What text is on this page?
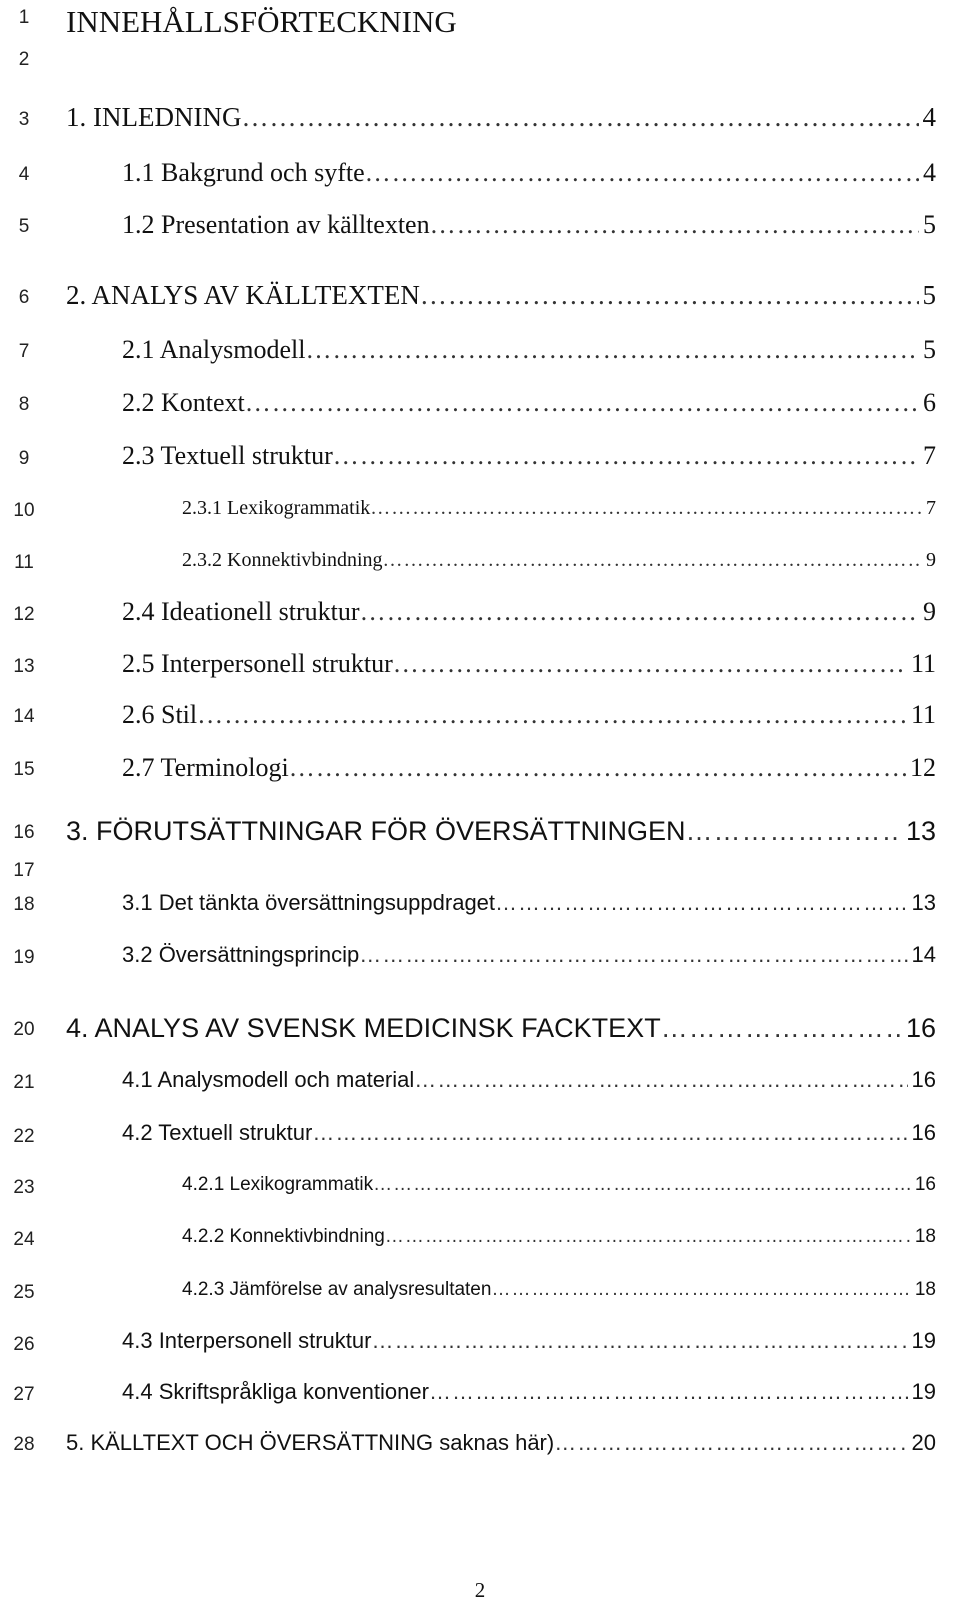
1
2
3
4
5
6
7
8
9
10
11
12
13
14
15
16
17
18
19
20
21
22
23
24
25
26
27
28
INNEHÅLLSFÖRTECKNING
1. INLEDNING ………………………………………………………………………………………………………………………………………	4
1.1 Bakgrund och syfte ………………………………………………………………………………………………………………………………………	4
1.2 Presentation av källtexten ………………………………………………………………………………………………………………………………………	5
2. ANALYS AV KÄLLTEXTEN ………………………………………………………………………………………………………………………………………	5
2.1 Analysmodell ………………………………………………………………………………………………………………………………………	5
2.2 Kontext ………………………………………………………………………………………………………………………………………	6
2.3 Textuell struktur ………………………………………………………………………………………………………………………………………	7
2.3.1 Lexikogrammatik ………………………………………………………………………………………………………………………………………	7
2.3.2 Konnektivbindning ………………………………………………………………………………………………………………………………………	9
2.4 Ideationell struktur ………………………………………………………………………………………………………………………………………	9
2.5 Interpersonell struktur ………………………………………………………………………………………………………………………………………	11
2.6 Stil ………………………………………………………………………………………………………………………………………	11
2.7 Terminologi ………………………………………………………………………………………………………………………………………	12
3. FÖRUTSÄTTNINGAR FÖR ÖVERSÄTTNINGEN ………………………………………………………………………………………………………………………………………	13
3.1 Det tänkta översättningsuppdraget ………………………………………………………………………………………………………………………………………	13
3.2 Översättningsprincip ………………………………………………………………………………………………………………………………………	14
4. ANALYS AV SVENSK MEDICINSK FACKTEXT ………………………………………………………………………………………………………………………………………	16
4.1 Analysmodell och material ………………………………………………………………………………………………………………………………………	16
4.2 Textuell struktur ………………………………………………………………………………………………………………………………………	16
4.2.1 Lexikogrammatik ………………………………………………………………………………………………………………………………………	16
4.2.2 Konnektivbindning ………………………………………………………………………………………………………………………………………	18
4.2.3 Jämförelse av analysresultaten ………………………………………………………………………………………………………………………………………	18
4.3 Interpersonell struktur ………………………………………………………………………………………………………………………………………	19
4.4 Skriftspråkliga konventioner ………………………………………………………………………………………………………………………………………	19
5. KÄLLTEXT OCH ÖVERSÄTTNING saknas här) ………………………………………………………………………………………………………………………………………	20
2
